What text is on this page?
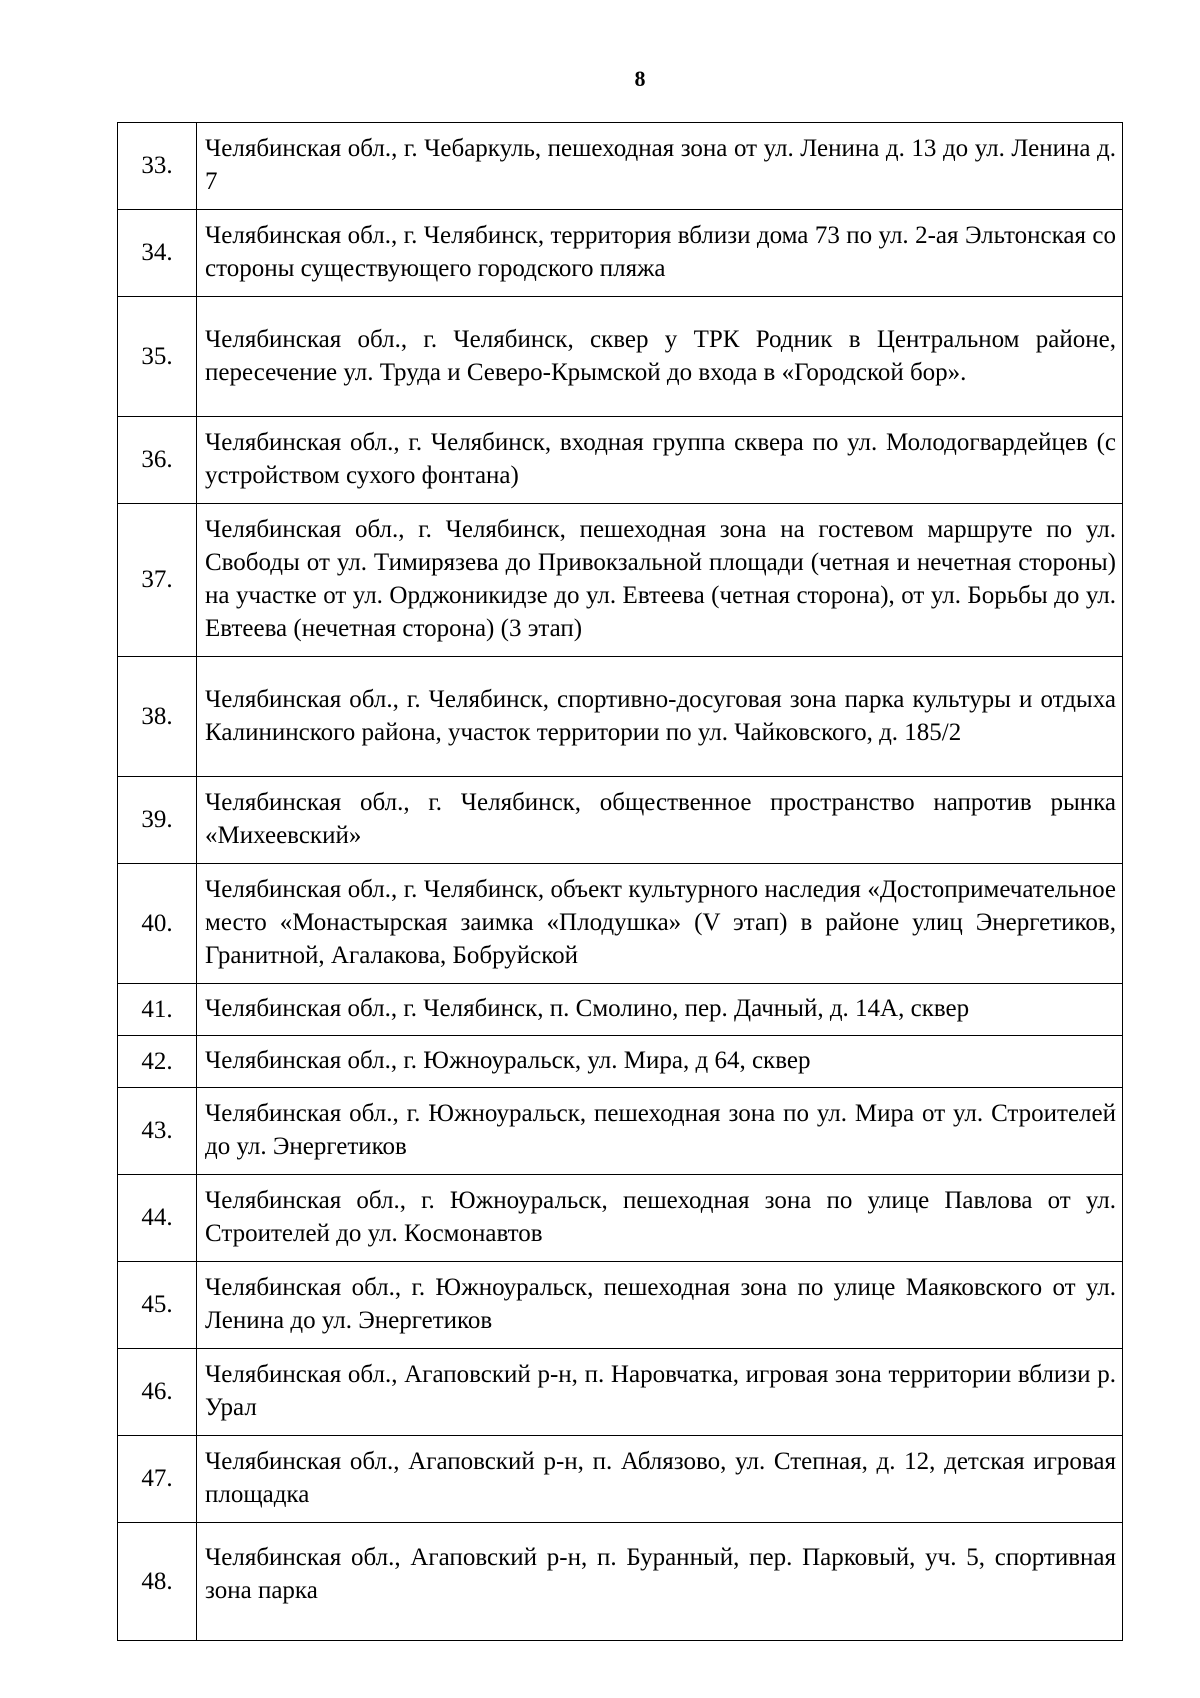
8
33.	Челябинская обл., г. Чебаркуль, пешеходная зона от ул. Ленина д. 13 до ул. Ленина д. 7
34.	Челябинская обл., г. Челябинск, территория вблизи дома 73 по ул. 2-ая Эльтонская со стороны существующего городского пляжа
35.	Челябинская обл., г. Челябинск, сквер у ТРК Родник в Центральном районе, пересечение ул. Труда и Северо-Крымской до входа в «Городской бор».
36.	Челябинская обл., г. Челябинск, входная группа сквера по ул. Молодогвардейцев (с устройством сухого фонтана)
37.	Челябинская обл., г. Челябинск, пешеходная зона на гостевом маршруте по ул. Свободы от ул. Тимирязева до Привокзальной площади (четная и нечетная стороны) на участке от ул. Орджоникидзе до ул. Евтеева (четная сторона), от ул. Борьбы до ул. Евтеева (нечетная сторона) (3 этап)
38.	Челябинская обл., г. Челябинск, спортивно-досуговая зона парка культуры и отдыха Калининского района, участок территории по ул. Чайковского, д. 185/2
39.	Челябинская обл., г. Челябинск, общественное пространство напротив рынка «Михеевский»
40.	Челябинская обл., г. Челябинск, объект культурного наследия «Достопримечательное место «Монастырская заимка «Плодушка» (V этап) в районе улиц Энергетиков, Гранитной, Агалакова, Бобруйской
41.	Челябинская обл., г. Челябинск, п. Смолино, пер. Дачный, д. 14А, сквер
42.	Челябинская обл., г. Южноуральск, ул. Мира, д 64, сквер
43.	Челябинская обл., г. Южноуральск, пешеходная зона по ул. Мира от ул. Строителей до ул. Энергетиков
44.	Челябинская обл., г. Южноуральск, пешеходная зона по улице Павлова от ул. Строителей до ул. Космонавтов
45.	Челябинская обл., г. Южноуральск, пешеходная зона по улице Маяковского от ул. Ленина до ул. Энергетиков
46.	Челябинская обл., Агаповский р-н, п. Наровчатка, игровая зона территории вблизи р. Урал
47.	Челябинская обл., Агаповский р-н, п. Аблязово, ул. Степная, д. 12, детская игровая площадка
48.	Челябинская обл., Агаповский р-н, п. Буранный, пер. Парковый, уч. 5, спортивная зона парка
